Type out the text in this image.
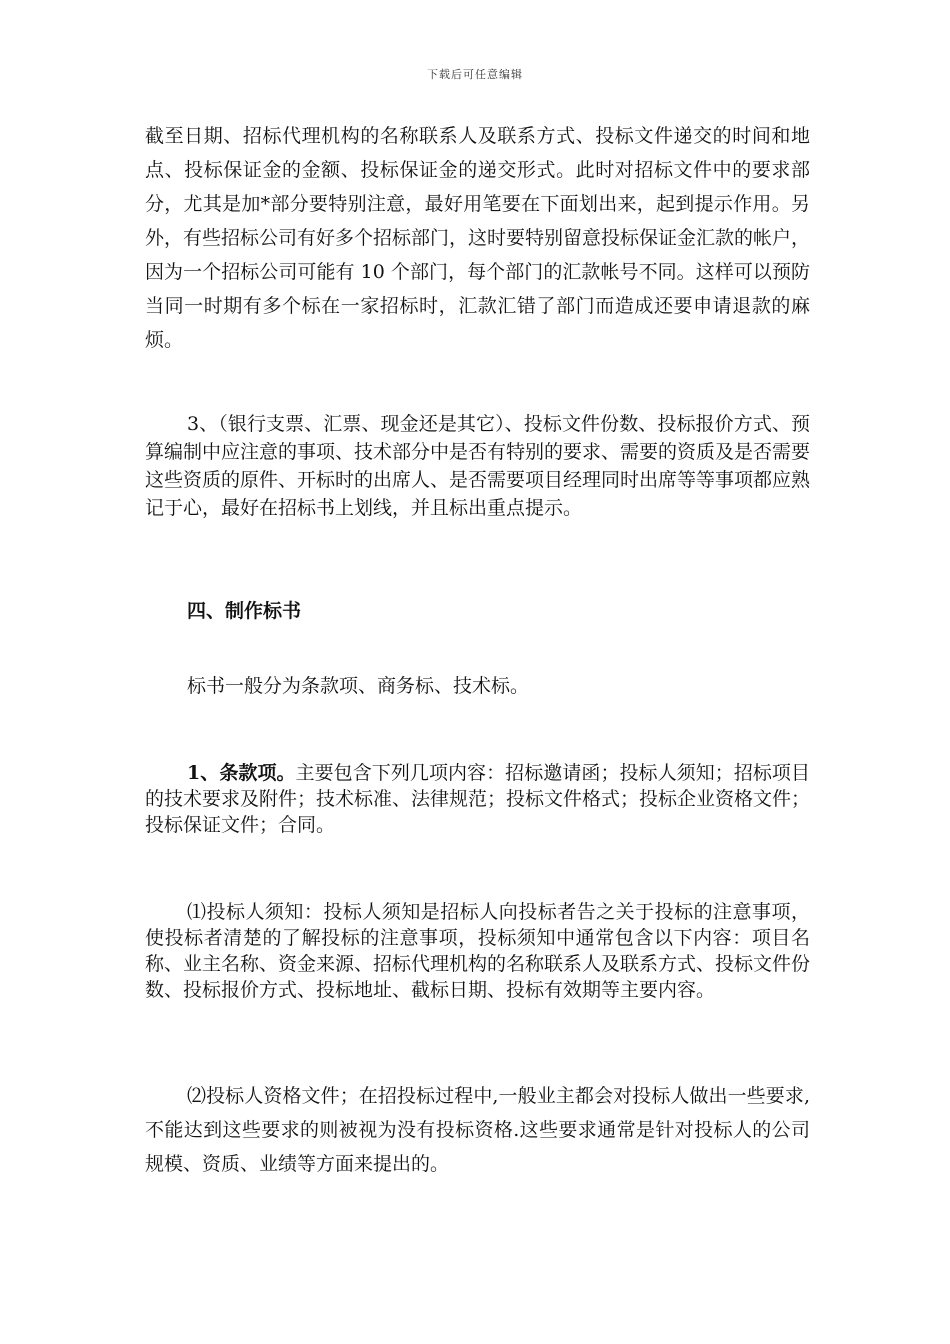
下载后可任意编辑

截至日期、招标代理机构的名称联系人及联系方式、投标文件递交的时间和地点、投标保证金的金额、投标保证金的递交形式。此时对招标文件中的要求部分，尤其是加*部分要特别注意，最好用笔要在下面划出来，起到提示作用。另外，有些招标公司有好多个招标部门，这时要特别留意投标保证金汇款的帐户，因为一个招标公司可能有 10 个部门，每个部门的汇款帐号不同。这样可以预防当同一时期有多个标在一家招标时，汇款汇错了部门而造成还要申请退款的麻烦。

3、（银行支票、汇票、现金还是其它）、投标文件份数、投标报价方式、预算编制中应注意的事项、技术部分中是否有特别的要求、需要的资质及是否需要这些资质的原件、开标时的出席人、是否需要项目经理同时出席等等事项都应熟记于心，最好在招标书上划线，并且标出重点提示。

四、制作标书

标书一般分为条款项、商务标、技术标。

1、条款项。主要包含下列几项内容：招标邀请函；投标人须知；招标项目的技术要求及附件；技术标准、法律规范；投标文件格式；投标企业资格文件；投标保证文件；合同。

⑴投标人须知：投标人须知是招标人向投标者告之关于投标的注意事项，使投标者清楚的了解投标的注意事项，投标须知中通常包含以下内容：项目名称、业主名称、资金来源、招标代理机构的名称联系人及联系方式、投标文件份数、投标报价方式、投标地址、截标日期、投标有效期等主要内容。

⑵投标人资格文件；在招投标过程中,一般业主都会对投标人做出一些要求,不能达到这些要求的则被视为没有投标资格.这些要求通常是针对投标人的公司规模、资质、业绩等方面来提出的。
